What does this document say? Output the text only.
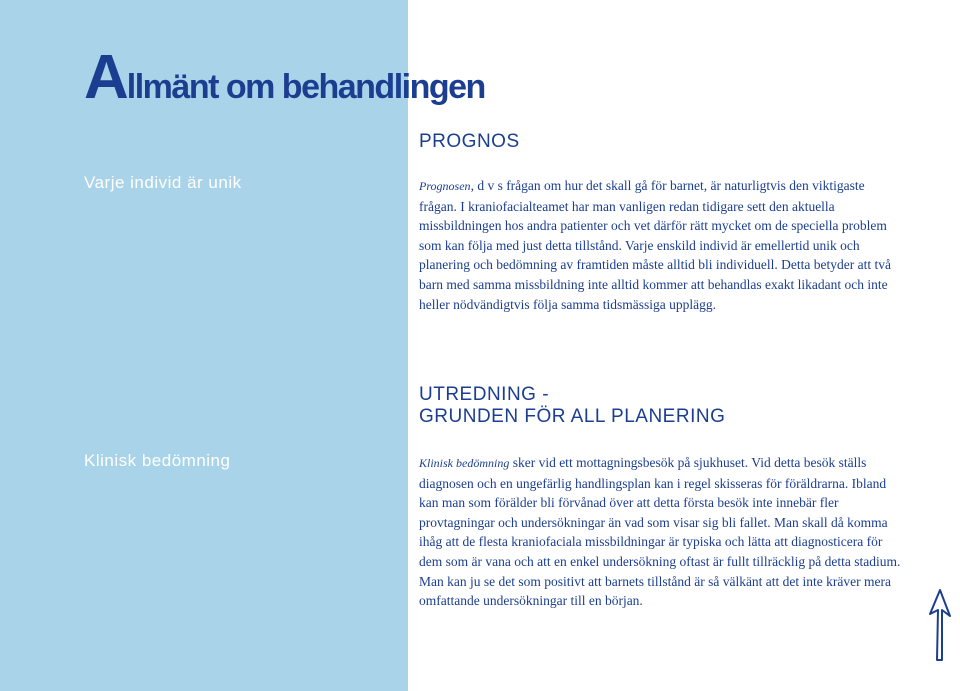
Allmänt om behandlingen

Varje individ är unik

PROGNOS

Prognosen, d v s frågan om hur det skall gå för barnet, är naturligtvis den viktigaste frågan. I kraniofacialteamet har man vanligen redan tidigare sett den aktuella missbildningen hos andra patienter och vet därför rätt mycket om de speciella problem som kan följa med just detta tillstånd. Varje enskild individ är emellertid unik och planering och bedömning av framtiden måste alltid bli individuell. Detta betyder att två barn med samma missbildning inte alltid kommer att behandlas exakt likadant och inte heller nödvändigtvis följa samma tidsmässiga upplägg.

Klinisk bedömning

UTREDNING -
GRUNDEN FÖR ALL PLANERING

Klinisk bedömning sker vid ett mottagningsbesök på sjukhuset. Vid detta besök ställs diagnosen och en ungefärlig handlingsplan kan i regel skisseras för föräldrarna. Ibland kan man som förälder bli förvånad över att detta första besök inte innebär fler provtagningar och undersökningar än vad som visar sig bli fallet. Man skall då komma ihåg att de flesta kraniofaciala missbildningar är typiska och lätta att diagnosticera för dem som är vana och att en enkel undersökning oftast är fullt tillräcklig på detta stadium. Man kan ju se det som positivt att barnets tillstånd är så välkänt att det inte kräver mera omfattande undersökningar till en början.
